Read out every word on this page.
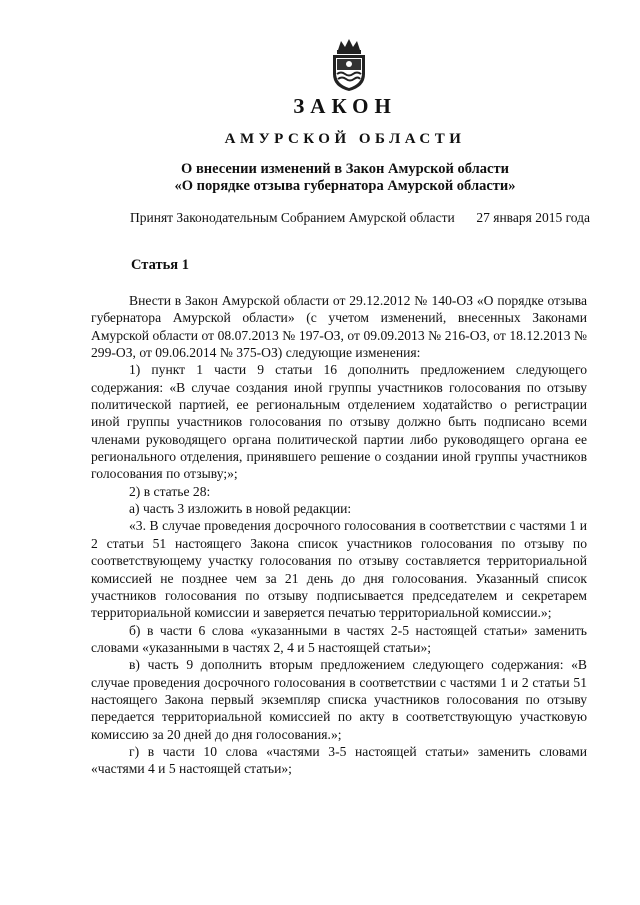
ЗАКОН
АМУРСКОЙ ОБЛАСТИ
О внесении изменений в Закон Амурской области
«О порядке отзыва губернатора Амурской области»
Принят Законодательным Собранием Амурской области 27 января 2015 года
Статья 1

Внести в Закон Амурской области от 29.12.2012 № 140-ОЗ «О порядке отзыва губернатора Амурской области» (с учетом изменений, внесенных Законами Амурской области от 08.07.2013 № 197-ОЗ, от 09.09.2013 № 216-ОЗ, от 18.12.2013 № 299-ОЗ, от 09.06.2014 № 375-ОЗ) следующие изменения:

1) пункт 1 части 9 статьи 16 дополнить предложением следующего содержания: «В случае создания иной группы участников голосования по отзыву политической партией, ее региональным отделением ходатайство о регистрации иной группы участников голосования по отзыву должно быть подписано всеми членами руководящего органа политической партии либо руководящего органа ее регионального отделения, принявшего решение о создании иной группы участников голосования по отзыву;»;

2) в статье 28:

а) часть 3 изложить в новой редакции:

«3. В случае проведения досрочного голосования в соответствии с частями 1 и 2 статьи 51 настоящего Закона список участников голосования по отзыву по соответствующему участку голосования по отзыву составляется территориальной комиссией не позднее чем за 21 день до дня голосования. Указанный список участников голосования по отзыву подписывается председателем и секретарем территориальной комиссии и заверяется печатью территориальной комиссии.»;

б) в части 6 слова «указанными в частях 2-5 настоящей статьи» заменить словами «указанными в частях 2, 4 и 5 настоящей статьи»;

в) часть 9 дополнить вторым предложением следующего содержания: «В случае проведения досрочного голосования в соответствии с частями 1 и 2 статьи 51 настоящего Закона первый экземпляр списка участников голосования по отзыву передается территориальной комиссией по акту в соответствующую участковую комиссию за 20 дней до дня голосования.»;

г) в части 10 слова «частями 3-5 настоящей статьи» заменить словами «частями 4 и 5 настоящей статьи»;
